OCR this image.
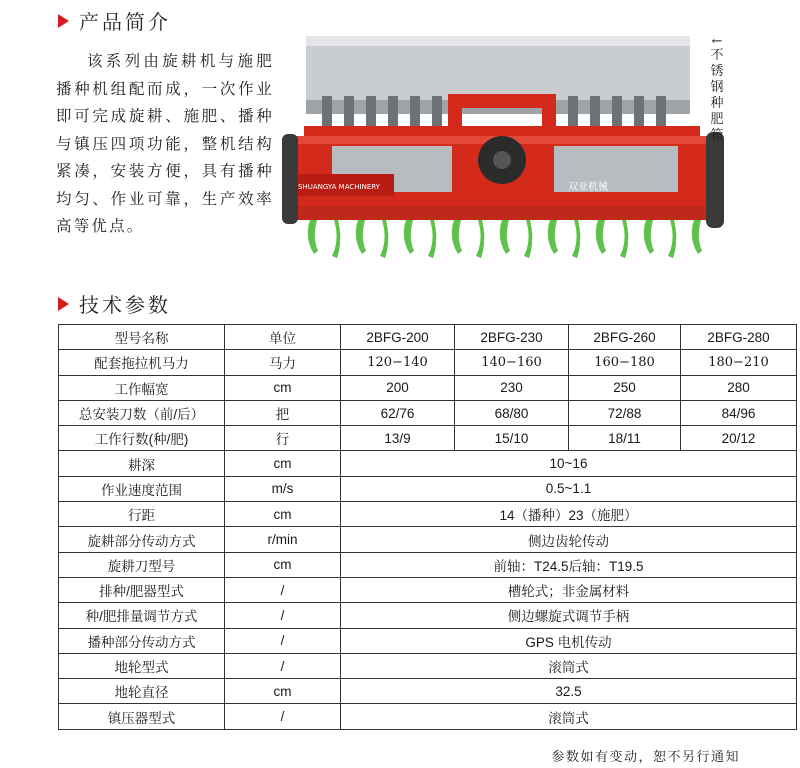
产品简介
该系列由旋耕机与施肥播种机组配而成，一次作业即可完成旋耕、施肥、播种与镇压四项功能，整机结构紧凑，安装方便，具有播种均匀、作业可靠，生产效率高等优点。
SHUANGYA MACHINERY	双亚机械
←
不锈钢种肥箱
技术参数
型号名称	单位	2BFG-200	2BFG-230	2BFG-260	2BFG-280
配套拖拉机马力	马力	120−140	140−160	160−180	180−210
工作幅宽	cm	200	230	250	280
总安装刀数（前/后）	把	62/76	68/80	72/88	84/96
工作行数(种/肥)	行	13/9	15/10	18/11	20/12
耕深	cm	10~16			
作业速度范围	m/s	0.5~1.1			
行距	cm	14（播种）23（施肥）			
旋耕部分传动方式	r/min	侧边齿轮传动			
旋耕刀型号	cm	前轴：T24.5后轴：T19.5			
排种/肥器型式	/	槽轮式；非金属材料			
种/肥排量调节方式	/	侧边螺旋式调节手柄			
播种部分传动方式	/	GPS 电机传动			
地轮型式	/	滚筒式			
地轮直径	cm	32.5			
镇压器型式	/	滚筒式			
参数如有变动，恕不另行通知
